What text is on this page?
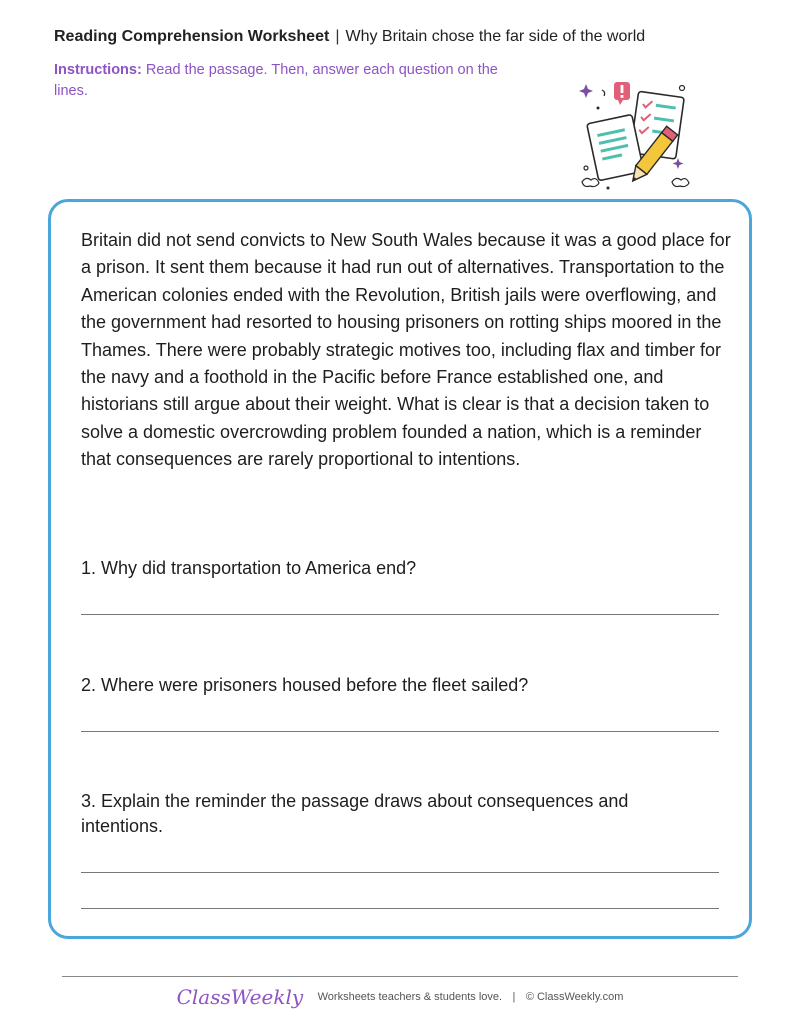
Reading Comprehension Worksheet | Why Britain chose the far side of the world
Instructions: Read the passage. Then, answer each question on the lines.

Britain did not send convicts to New South Wales because it was a good place for a prison. It sent them because it had run out of alternatives. Transportation to the American colonies ended with the Revolution, British jails were overflowing, and the government had resorted to housing prisoners on rotting ships moored in the Thames. There were probably strategic motives too, including flax and timber for the navy and a foothold in the Pacific before France established one, and historians still argue about their weight. What is clear is that a decision taken to solve a domestic overcrowding problem founded a nation, which is a reminder that consequences are rarely proportional to intentions.

1. Why did transportation to America end?

2. Where were prisoners housed before the fleet sailed?

3. Explain the reminder the passage draws about consequences and intentions.

ClassWeekly Worksheets teachers & students love. | © ClassWeekly.com
